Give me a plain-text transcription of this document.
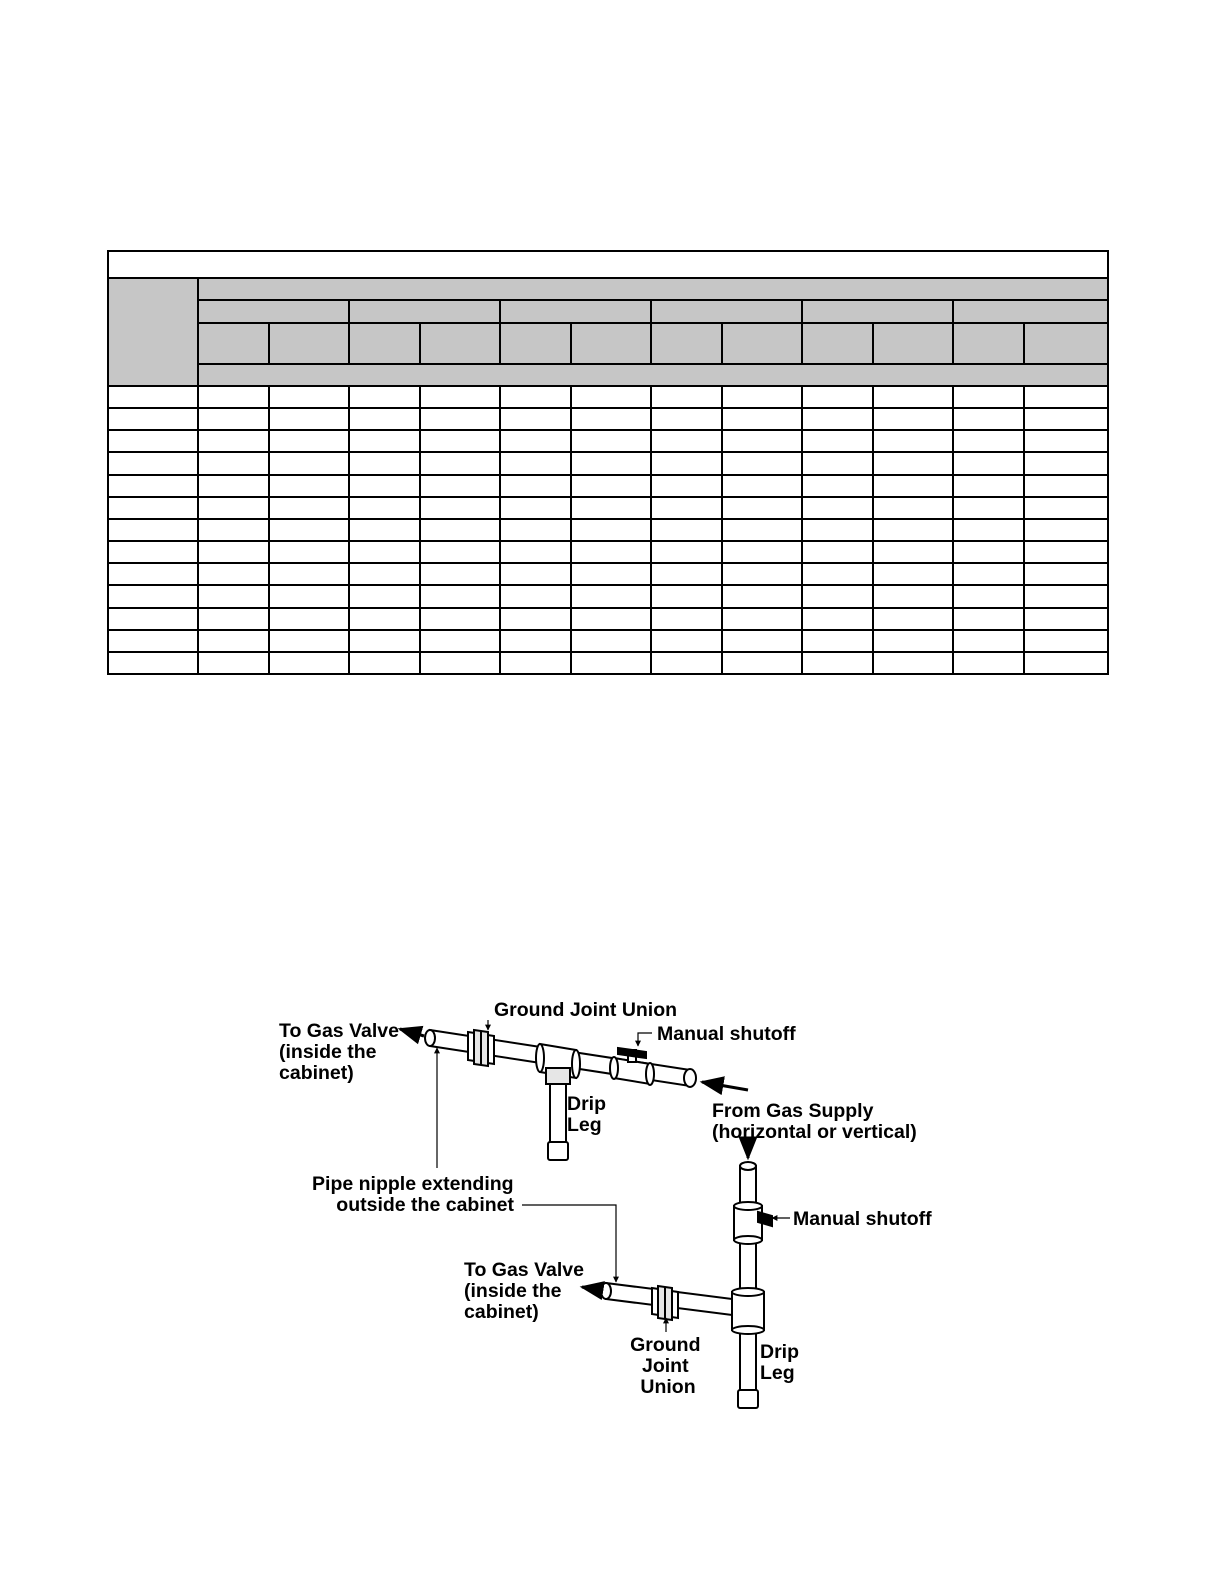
To Gas Valve (inside the cabinet)
Ground Joint Union
Manual shutoff
Drip Leg
From Gas Supply (horizontal or vertical)
Pipe nipple extending outside the cabinet
Manual shutoff
To Gas Valve (inside the cabinet)
Ground Joint Union
Drip Leg
